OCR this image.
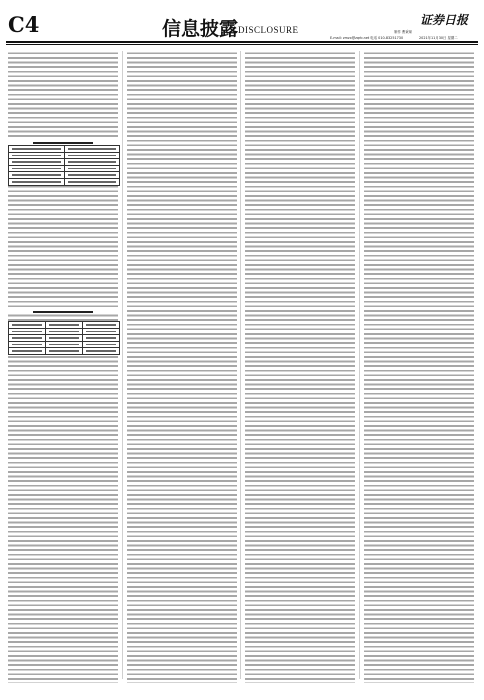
C4	信息披露 DISCLOSURE
证券日报
制作 曹秉琛
E-mail: zmzx@zqrb.net 电话 010-83251730	2021年11月30日 星期二
